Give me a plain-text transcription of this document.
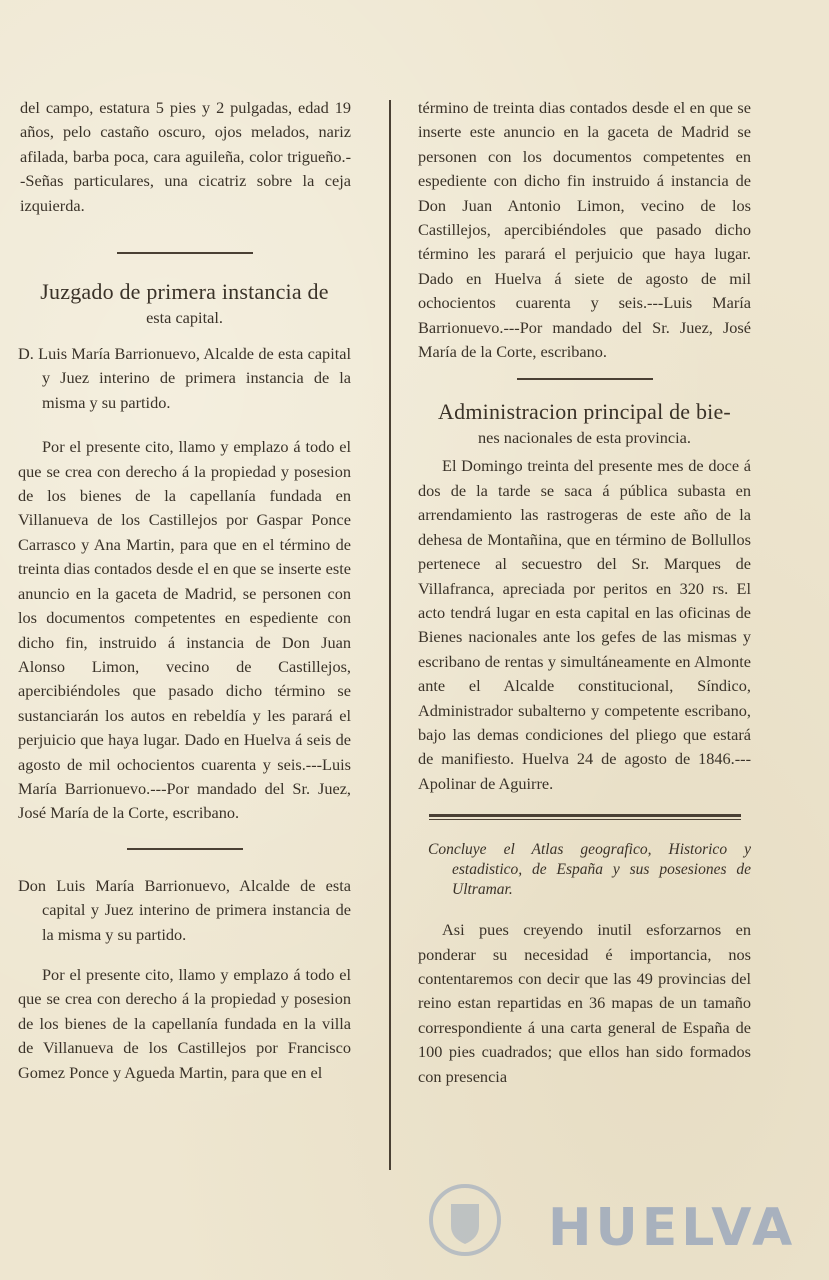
del campo, estatura 5 pies y 2 pulgadas, edad 19 años, pelo castaño oscuro, ojos melados, nariz afilada, barba poca, cara aguileña, color trigueño.--Señas particulares, una cicatriz sobre la ceja izquierda.

Juzgado de primera instancia de

esta capital.

D. Luis María Barrionuevo, Alcalde de esta capital y Juez interino de primera instancia de la misma y su partido.

Por el presente cito, llamo y emplazo á todo el que se crea con derecho á la propiedad y posesion de los bienes de la capellanía fundada en Villanueva de los Castillejos por Gaspar Ponce Carrasco y Ana Martin, para que en el término de treinta dias contados desde el en que se inserte este anuncio en la gaceta de Madrid, se personen con los documentos competentes en espediente con dicho fin, instruido á instancia de Don Juan Alonso Limon, vecino de Castillejos, apercibiéndoles que pasado dicho término se sustanciarán los autos en rebeldía y les parará el perjuicio que haya lugar. Dado en Huelva á seis de agosto de mil ochocientos cuarenta y seis.---Luis María Barrionuevo.---Por mandado del Sr. Juez, José María de la Corte, escribano.

Don Luis María Barrionuevo, Alcalde de esta capital y Juez interino de primera instancia de la misma y su partido.

Por el presente cito, llamo y emplazo á todo el que se crea con derecho á la propiedad y posesion de los bienes de la capellanía fundada en la villa de Villanueva de los Castillejos por Francisco Gomez Ponce y Agueda Martin, para que en el

término de treinta dias contados desde el en que se inserte este anuncio en la gaceta de Madrid se personen con los documentos competentes en espediente con dicho fin instruido á instancia de Don Juan Antonio Limon, vecino de los Castillejos, apercibiéndoles que pasado dicho término les parará el perjuicio que haya lugar. Dado en Huelva á siete de agosto de mil ochocientos cuarenta y seis.---Luis María Barrionuevo.---Por mandado del Sr. Juez, José María de la Corte, escribano.

Administracion principal de bie-

nes nacionales de esta provincia.

El Domingo treinta del presente mes de doce á dos de la tarde se saca á pública subasta en arrendamiento las rastrogeras de este año de la dehesa de Montañina, que en término de Bollullos pertenece al secuestro del Sr. Marques de Villafranca, apreciada por peritos en 320 rs. El acto tendrá lugar en esta capital en las oficinas de Bienes nacionales ante los gefes de las mismas y escribano de rentas y simultáneamente en Almonte ante el Alcalde constitucional, Síndico, Administrador subalterno y competente escribano, bajo las demas condiciones del pliego que estará de manifiesto. Huelva 24 de agosto de 1846.---Apolinar de Aguirre.

Concluye el Atlas geografico, Historico y estadistico, de España y sus posesiones de Ultramar.

Asi pues creyendo inutil esforzarnos en ponderar su necesidad é importancia, nos contentaremos con decir que las 49 provincias del reino estan repartidas en 36 mapas de un tamaño correspondiente á una carta general de España de 100 pies cuadrados; que ellos han sido formados con presencia

HUELVA
